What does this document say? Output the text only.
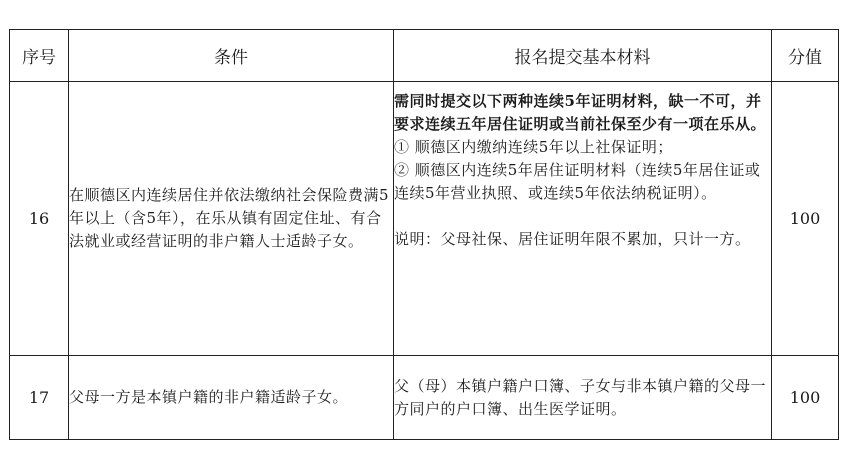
序号	条件	报名提交基本材料	分值
16	在顺德区内连续居住并依法缴纳社会保险费满5年以上（含5年），在乐从镇有固定住址、有合法就业或经营证明的非户籍人士适龄子女。	需同时提交以下两种连续5年证明材料，缺一不可，并要求连续五年居住证明或当前社保至少有一项在乐从。
① 顺德区内缴纳连续5年以上社保证明；
② 顺德区内连续5年居住证明材料（连续5年居住证或连续5年营业执照、或连续5年依法纳税证明）。
说明：父母社保、居住证明年限不累加，只计一方。	100
17	父母一方是本镇户籍的非户籍适龄子女。	父（母）本镇户籍户口簿、子女与非本镇户籍的父母一方同户的户口簿、出生医学证明。	100
